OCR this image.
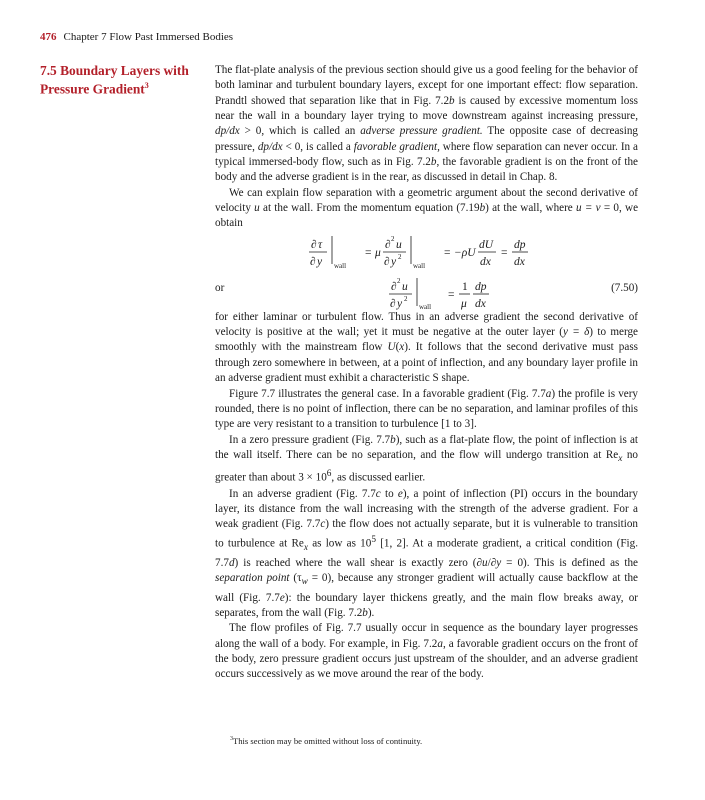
476 Chapter 7 Flow Past Immersed Bodies
7.5 Boundary Layers with
Pressure Gradient$^3$

The flat-plate analysis of the previous section should give us a good feeling for the behavior of both laminar and turbulent boundary layers, except for one important effect: flow separation. Prandtl showed that separation like that in Fig. 7.2b is caused by excessive momentum loss near the wall in a boundary layer trying to move downstream against increasing pressure, dp/dx > 0, which is called an adverse pressure gradient. The opposite case of decreasing pressure, dp/dx < 0, is called a favorable gradient, where flow separation can never occur. In a typical immersed-body flow, such as in Fig. 7.2b, the favorable gradient is on the front of the body and the adverse gradient is in the rear, as discussed in detail in Chap. 8.

We can explain flow separation with a geometric argument about the second derivative of velocity u at the wall. From the momentum equation (7.19b) at the wall, where u = v = 0, we obtain

∂ τ
∂ y wall
= μ
∂ 2 u
∂ y 2
wall
= −ρU
dU
dx
=
dp
dx
∂ 2 u
∂ y 2
wall
=
1
μ
dp
dx
or	(7.50)

for either laminar or turbulent flow. Thus in an adverse gradient the second derivative of velocity is positive at the wall; yet it must be negative at the outer layer (y = δ) to merge smoothly with the mainstream flow U(x). It follows that the second derivative must pass through zero somewhere in between, at a point of inflection, and any boundary layer profile in an adverse gradient must exhibit a characteristic S shape.

Figure 7.7 illustrates the general case. In a favorable gradient (Fig. 7.7a) the profile is very rounded, there is no point of inflection, there can be no separation, and laminar profiles of this type are very resistant to a transition to turbulence [1 to 3].

In a zero pressure gradient (Fig. 7.7b), such as a flat-plate flow, the point of inflection is at the wall itself. There can be no separation, and the flow will undergo transition at $Re_x$ no greater than about $3 \times 10^6$, as discussed earlier.

In an adverse gradient (Fig. 7.7c to e), a point of inflection (PI) occurs in the boundary layer, its distance from the wall increasing with the strength of the adverse gradient. For a weak gradient (Fig. 7.7c) the flow does not actually separate, but it is vulnerable to transition to turbulence at $Re_x$ as low as $10^5$ [1, 2]. At a moderate gradient, a critical condition (Fig. 7.7d) is reached where the wall shear is exactly zero (∂u/∂y = 0). This is defined as the separation point $(\tau_w = 0)$, because any stronger gradient will actually cause backflow at the wall (Fig. 7.7e): the boundary layer thickens greatly, and the main flow breaks away, or separates, from the wall (Fig. 7.2b).

The flow profiles of Fig. 7.7 usually occur in sequence as the boundary layer progresses along the wall of a body. For example, in Fig. 7.2a, a favorable gradient occurs on the front of the body, zero pressure gradient occurs just upstream of the shoulder, and an adverse gradient occurs successively as we move around the rear of the body.

$^3$This section may be omitted without loss of continuity.
